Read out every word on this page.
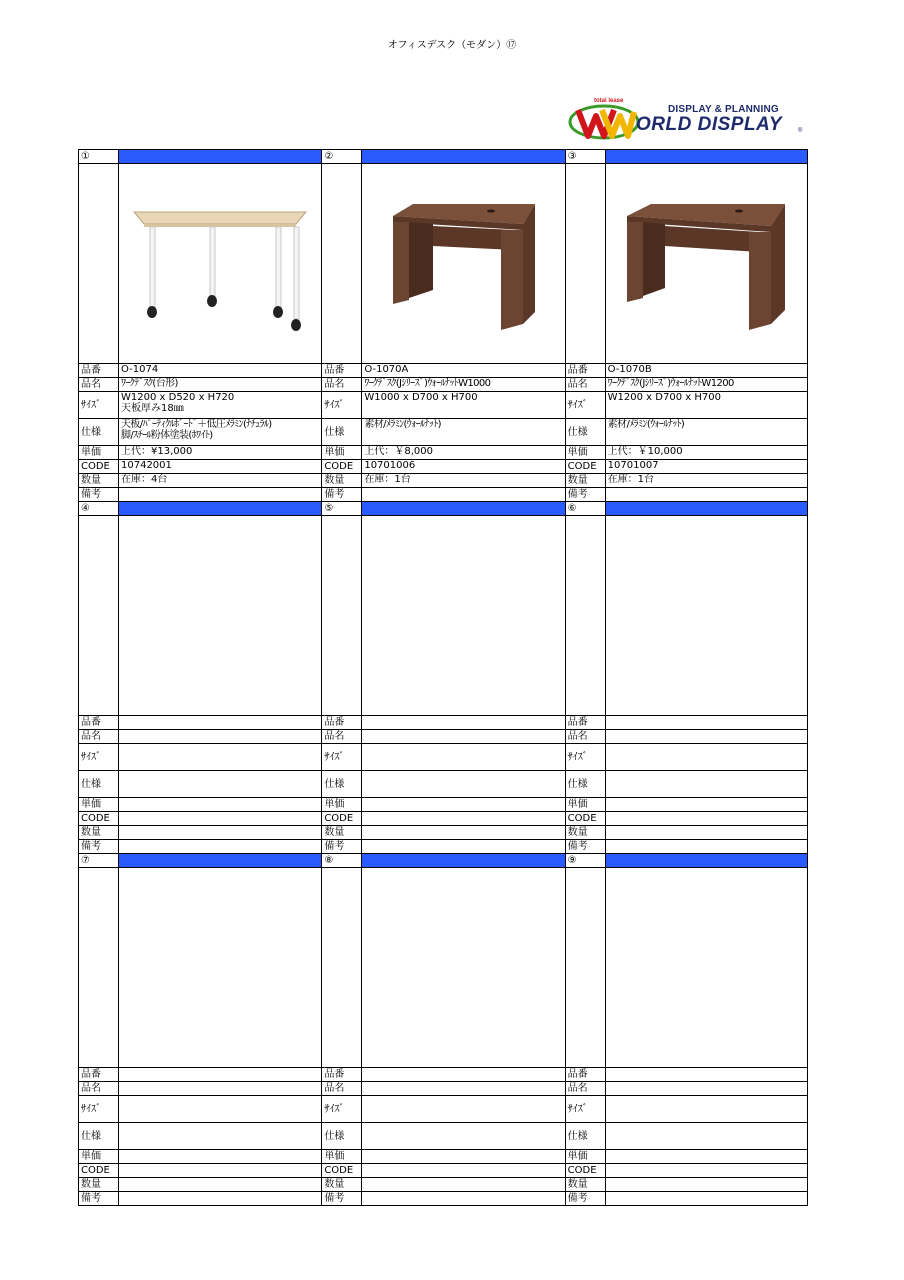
オフィスデスク（モダン）⑰
total lease
DISPLAY & PLANNING
ORLD DISPLAY	®
①
品番	O-1074
品名	ﾜｰｸﾃﾞｽｸ(台形)
ｻｲｽﾞ
W1200 x D520 x H720
天板厚み18㎜
仕様
天板/ﾊﾟｰﾃｨｸﾙﾎﾞｰﾄﾞ＋低圧ﾒﾗﾐﾝ(ﾅﾁｭﾗﾙ)
脚/ｽﾁｰﾙ粉体塗装(ﾎﾜｲﾄ)
単価	上代：¥13,000
CODE	10742001
数量	在庫：4台
備考
②
品番	O-1070A
品名	ﾜｰｸﾃﾞｽｸ(Jｼﾘｰｽﾞ)ｳｫｰﾙﾅｯﾄW1000
ｻｲｽﾞ
W1000 x D700 x H700
仕様
素材/ﾒﾗﾐﾝ(ｳｫｰﾙﾅｯﾄ)
単価	上代：￥8,000
CODE	10701006
数量	在庫：1台
備考
③
品番	O-1070B
品名	ﾜｰｸﾃﾞｽｸ(Jｼﾘｰｽﾞ)ｳｫｰﾙﾅｯﾄW1200
ｻｲｽﾞ
W1200 x D700 x H700
仕様
素材/ﾒﾗﾐﾝ(ｳｫｰﾙﾅｯﾄ)
単価	上代：￥10,000
CODE	10701007
数量	在庫：1台
備考
④
品番
品名
ｻｲｽﾞ
仕様
単価
CODE
数量
備考
⑤
品番
品名
ｻｲｽﾞ
仕様
単価
CODE
数量
備考
⑥
品番
品名
ｻｲｽﾞ
仕様
単価
CODE
数量
備考
⑦
品番
品名
ｻｲｽﾞ
仕様
単価
CODE
数量
備考
⑧
品番
品名
ｻｲｽﾞ
仕様
単価
CODE
数量
備考
⑨
品番
品名
ｻｲｽﾞ
仕様
単価
CODE
数量
備考
